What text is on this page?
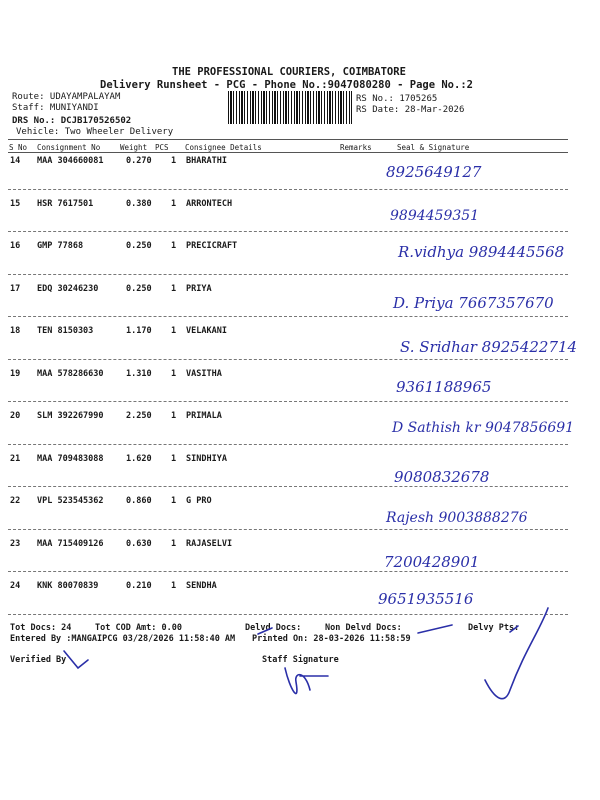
THE PROFESSIONAL COURIERS, COIMBATORE
Delivery Runsheet - PCG - Phone No.:9047080280 - Page No.:2
Route: UDAYAMPALAYAM
Staff: MUNIYANDI
DRS No.: DCJB170526502
Vehicle: Two Wheeler Delivery
RS No.: 1705265
RS Date: 28-Mar-2026
S No Consignment No	Weight PCS Consignee Details	Remarks	Seal & Signature
14 MAA 304660081	0.270 1 BHARATHI
8925649127
15 HSR 7617501	0.380 1 ARRONTECH
9894459351
16 GMP 77868	0.250 1 PRECICRAFT	R.vidhya 9894445568
17 EDQ 30246230	0.250 1 PRIYA
D. Priya 7667357670
18 TEN 8150303	1.170 1 VELAKANI
S. Sridhar 8925422714
19 MAA 578286630	1.310 1 VASITHA
9361188965
20 SLM 392267990	2.250 1 PRIMALA
D Sathish kr 9047856691
21 MAA 709483088	1.620 1 SINDHIYA
9080832678
22 VPL 523545362	0.860 1 G PRO
Rajesh 9003888276
23 MAA 715409126	0.630 1 RAJASELVI
7200428901
24 KNK 80070839	0.210 1 SENDHA
9651935516
Tot Docs: 24	Tot COD Amt: 0.00	Delvd Docs:	Non Delvd Docs:	Delvy Pts:
Entered By :MANGAIPCG 03/28/2026 11:58:40 AM Printed On: 28-03-2026 11:58:59
Verified By	Staff Signature
